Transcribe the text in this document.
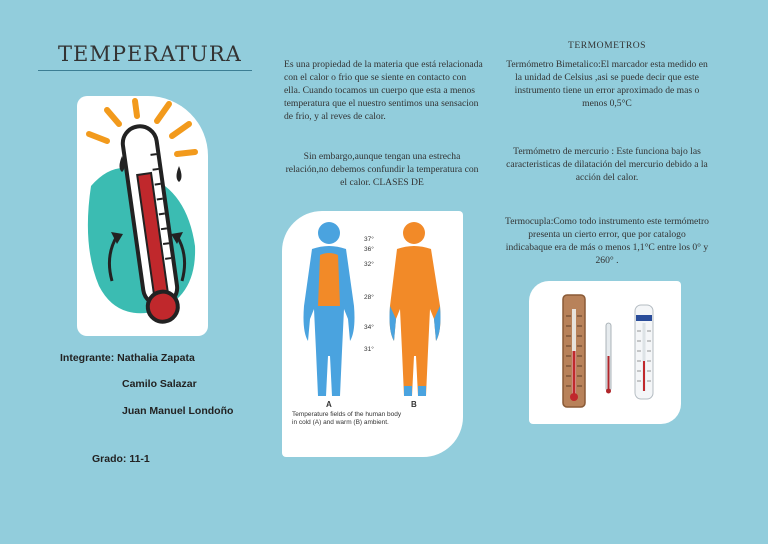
TEMPERATURA
Integrante: Nathalia Zapata
Camilo Salazar
Juan Manuel Londoño
Grado: 11-1
Es una propiedad de la materia que está relacionada con el calor o frio que se siente en contacto con ella. Cuando tocamos un cuerpo que esta a menos temperatura que el nuestro sentimos una sensacion de frio, y al reves de calor.
Sin embargo,aunque tengan una estrecha relación,no debemos confundir la temperatura con el calor. CLASES DE
37°
36°
32°
28°
34°
31°
A	B
Temperature fields of the human body
in cold (A) and warm (B) ambient.
TERMOMETROS
Termómetro Bimetalico:El marcador esta medido en la unidad de Celsius ,asi se puede decir que este instrumento tiene un error aproximado de mas o menos 0,5°C
Termómetro de mercurio : Este funciona bajo las caracteristicas de dilatación del mercurio debido a la acción del calor.
Termocupla:Como todo instrumento este termómetro presenta un cierto error, que por catalogo indicabaque era de más o menos 1,1°C entre los 0° y 260° .
